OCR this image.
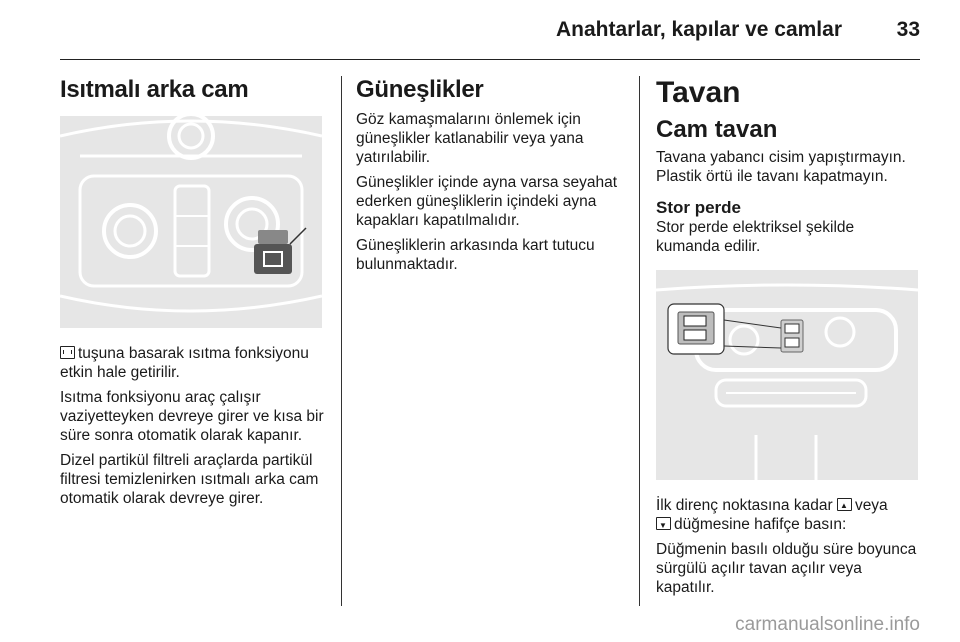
Anahtarlar, kapılar ve camlar	33
Isıtmalı arka cam

tuşuna basarak ısıtma fonksiyonu etkin hale getirilir.

Isıtma fonksiyonu araç çalışır vaziyetteyken devreye girer ve kısa bir süre sonra otomatik olarak kapanır.

Dizel partikül filtreli araçlarda partikül filtresi temizlenirken ısıtmalı arka cam otomatik olarak devreye girer.

Güneşlikler

Göz kamaşmalarını önlemek için güneşlikler katlanabilir veya yana yatırılabilir.

Güneşlikler içinde ayna varsa seyahat ederken güneşliklerin içindeki ayna kapakları kapatılmalıdır.

Güneşliklerin arkasında kart tutucu bulunmaktadır.

Tavan
Cam tavan

Tavana yabancı cisim yapıştırmayın. Plastik örtü ile tavanı kapatmayın.

Stor perde

Stor perde elektriksel şekilde kumanda edilir.

İlk direnç noktasına kadar ▲ veya
▼düğmesine hafifçe basın:

Düğmenin basılı olduğu süre boyunca sürgülü açılır tavan açılır veya kapatılır.

carmanualsonline.info
